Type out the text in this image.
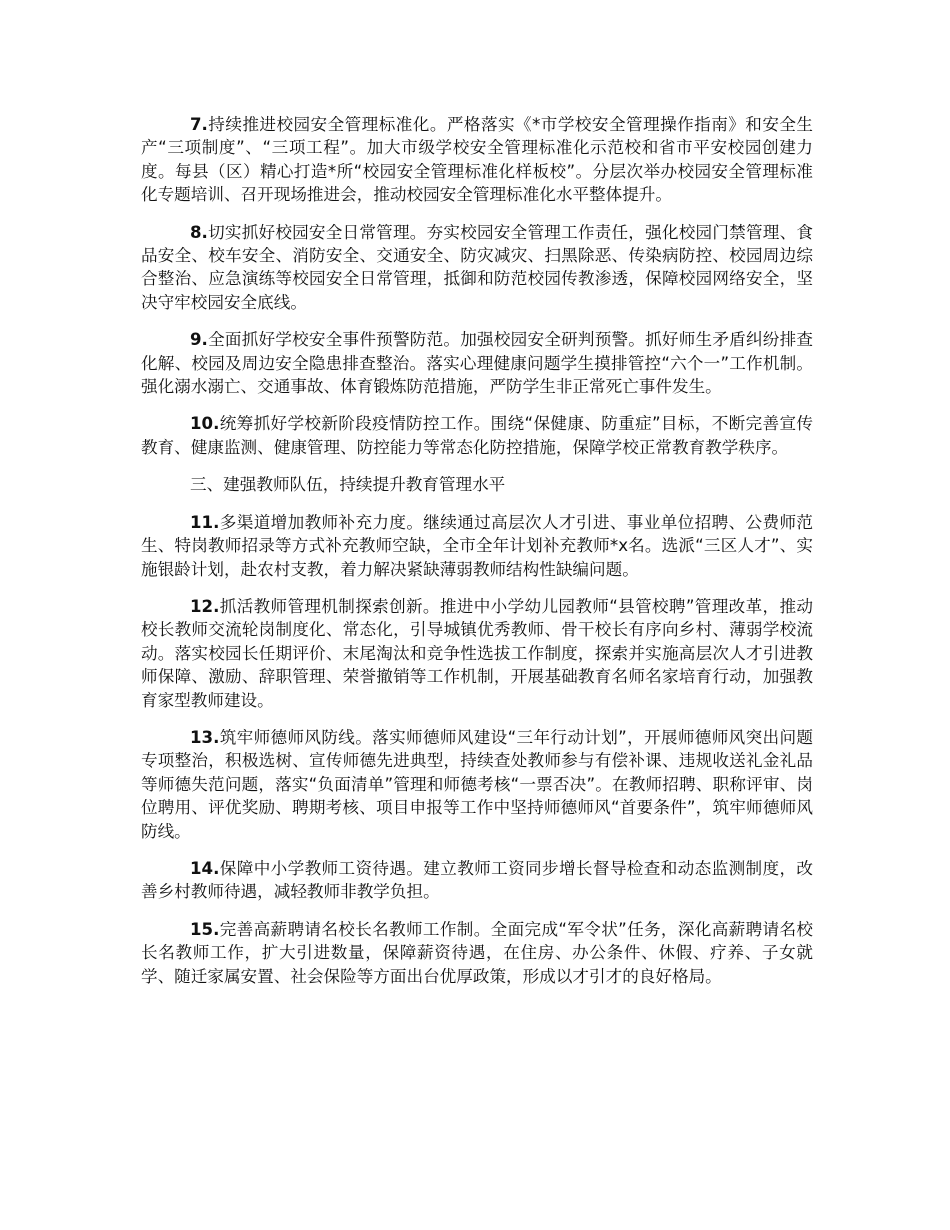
7.持续推进校园安全管理标准化。严格落实《*市学校安全管理操作指南》和安全生产“三项制度”、“三项工程”。加大市级学校安全管理标准化示范校和省市平安校园创建力度。每县（区）精心打造*所“校园安全管理标准化样板校”。分层次举办校园安全管理标准化专题培训、召开现场推进会，推动校园安全管理标准化水平整体提升。

8.切实抓好校园安全日常管理。夯实校园安全管理工作责任，强化校园门禁管理、食品安全、校车安全、消防安全、交通安全、防灾减灾、扫黑除恶、传染病防控、校园周边综合整治、应急演练等校园安全日常管理，抵御和防范校园传教渗透，保障校园网络安全，坚决守牢校园安全底线。

9.全面抓好学校安全事件预警防范。加强校园安全研判预警。抓好师生矛盾纠纷排查化解、校园及周边安全隐患排查整治。落实心理健康问题学生摸排管控“六个一”工作机制。强化溺水溺亡、交通事故、体育锻炼防范措施，严防学生非正常死亡事件发生。

10.统筹抓好学校新阶段疫情防控工作。围绕“保健康、防重症”目标，不断完善宣传教育、健康监测、健康管理、防控能力等常态化防控措施，保障学校正常教育教学秩序。

三、建强教师队伍，持续提升教育管理水平

11.多渠道增加教师补充力度。继续通过高层次人才引进、事业单位招聘、公费师范生、特岗教师招录等方式补充教师空缺，全市全年计划补充教师*x名。选派“三区人才”、实施银龄计划，赴农村支教，着力解决紧缺薄弱教师结构性缺编问题。

12.抓活教师管理机制探索创新。推进中小学幼儿园教师“县管校聘”管理改革，推动校长教师交流轮岗制度化、常态化，引导城镇优秀教师、骨干校长有序向乡村、薄弱学校流动。落实校园长任期评价、末尾淘汰和竞争性选拔工作制度，探索并实施高层次人才引进教师保障、激励、辞职管理、荣誉撤销等工作机制，开展基础教育名师名家培育行动，加强教育家型教师建设。

13.筑牢师德师风防线。落实师德师风建设“三年行动计划”，开展师德师风突出问题专项整治，积极选树、宣传师德先进典型，持续查处教师参与有偿补课、违规收送礼金礼品等师德失范问题，落实“负面清单”管理和师德考核“一票否决”。在教师招聘、职称评审、岗位聘用、评优奖励、聘期考核、项目申报等工作中坚持师德师风“首要条件”，筑牢师德师风防线。

14.保障中小学教师工资待遇。建立教师工资同步增长督导检查和动态监测制度，改善乡村教师待遇，减轻教师非教学负担。

15.完善高薪聘请名校长名教师工作制。全面完成“军令状”任务，深化高薪聘请名校长名教师工作，扩大引进数量，保障薪资待遇，在住房、办公条件、休假、疗养、子女就学、随迁家属安置、社会保险等方面出台优厚政策，形成以才引才的良好格局。
